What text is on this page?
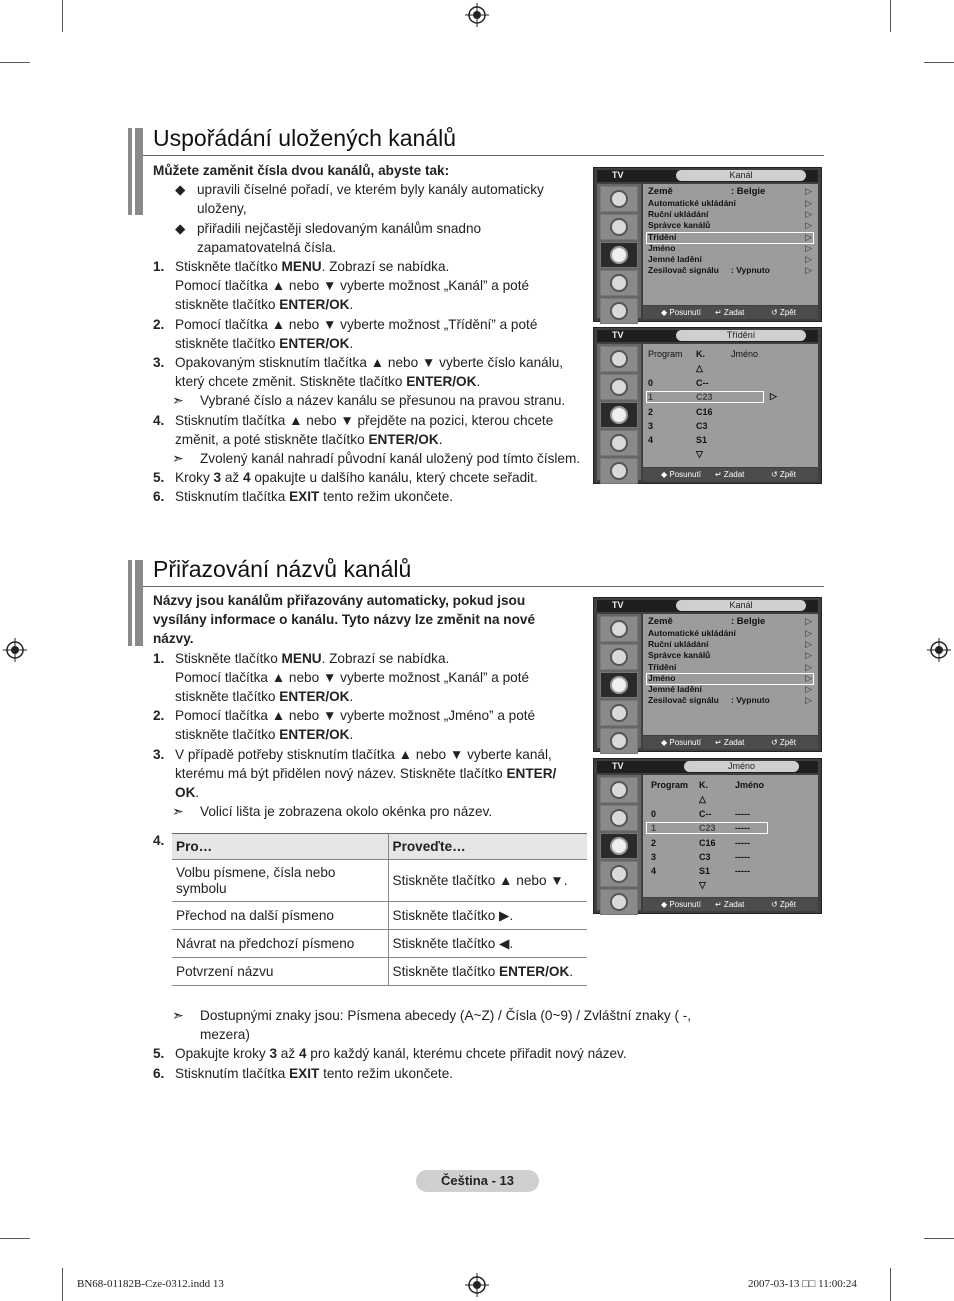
Uspořádání uložených kanálů

Můžete zaměnit čísla dvou kanálů, abyste tak:

◆ upravili číselné pořadí, ve kterém byly kanály automaticky uloženy,

◆ přiřadili nejčastěji sledovaným kanálům snadno zapamatovatelná čísla.

1. Stiskněte tlačítko MENU. Zobrazí se nabídka.
Pomocí tlačítka ▲ nebo ▼ vyberte možnost „Kanál” a poté stiskněte tlačítko ENTER/OK.

2. Pomocí tlačítka ▲ nebo ▼ vyberte možnost „Třídění” a poté stiskněte tlačítko ENTER/OK.

3. Opakovaným stisknutím tlačítka ▲ nebo ▼ vyberte číslo kanálu, který chcete změnit. Stiskněte tlačítko ENTER/OK.

➣ Vybrané číslo a název kanálu se přesunou na pravou stranu.

4. Stisknutím tlačítka ▲ nebo ▼ přejděte na pozici, kterou chcete změnit, a poté stiskněte tlačítko ENTER/OK.

➣ Zvolený kanál nahradí původní kanál uložený pod tímto číslem.

5. Kroky 3 až 4 opakujte u dalšího kanálu, který chcete seřadit.

6. Stisknutím tlačítka EXIT tento režim ukončete.

TV	Kanál
Země	: Belgie
Automatické ukládání
Ruční ukládání
Správce kanálů
Třídění
Jméno
Jemné ladění
Zesilovač signálu : Vypnuto
▷
▷
▷
▷
▷
▷
▷
▷
◆ Posunutí ↵ Zadat	↺ Zpět
TV	Třídění
Program K.	Jméno
△
0	C--
1	C23	▷
2	C16
3	C3
4	S1
▽
◆ Posunutí ↵ Zadat	↺ Zpět
Přiřazování názvů kanálů

Názvy jsou kanálům přiřazovány automaticky, pokud jsou vysílány informace o kanálu. Tyto názvy lze změnit na nové názvy.

1. Stiskněte tlačítko MENU. Zobrazí se nabídka.
Pomocí tlačítka ▲ nebo ▼ vyberte možnost „Kanál” a poté stiskněte tlačítko ENTER/OK.

2. Pomocí tlačítka ▲ nebo ▼ vyberte možnost „Jméno” a poté stiskněte tlačítko ENTER/OK.

3. V případě potřeby stisknutím tlačítka ▲ nebo ▼ vyberte kanál, kterému má být přidělen nový název. Stiskněte tlačítko ENTER/ OK.

➣ Volicí lišta je zobrazena okolo okénka pro název.

4. Pro…	Proveďte…
Volbu písmene, čísla nebo symbolu	Stiskněte tlačítko ▲ nebo ▼.
Přechod na další písmeno	Stiskněte tlačítko ▶.
Návrat na předchozí písmeno	Stiskněte tlačítko ◀.
Potvrzení názvu	Stiskněte tlačítko ENTER/OK.

➣ Dostupnými znaky jsou: Písmena abecedy (A~Z) / Čísla (0~9) / Zvláštní znaky ( -, mezera)

5. Opakujte kroky 3 až 4 pro každý kanál, kterému chcete přiřadit nový název.

6. Stisknutím tlačítka EXIT tento režim ukončete.

TV	Kanál
Země	: Belgie
Automatické ukládání
Ruční ukládání
Správce kanálů
Třídění
Jméno
Jemné ladění
Zesilovač signálu : Vypnuto
▷
▷
▷
▷
▷
▷
▷
▷
◆ Posunutí ↵ Zadat	↺ Zpět
TV	Jméno
Program K.	Jméno
△
0	C--	-----
1	C23 -----
2	C16 -----
3	C3	-----
4	S1	-----
▽
◆ Posunutí ↵ Zadat	↺ Zpět
Čeština - 13
BN68-01182B-Cze-0312.indd 13	2007-03-13 □□ 11:00:24
